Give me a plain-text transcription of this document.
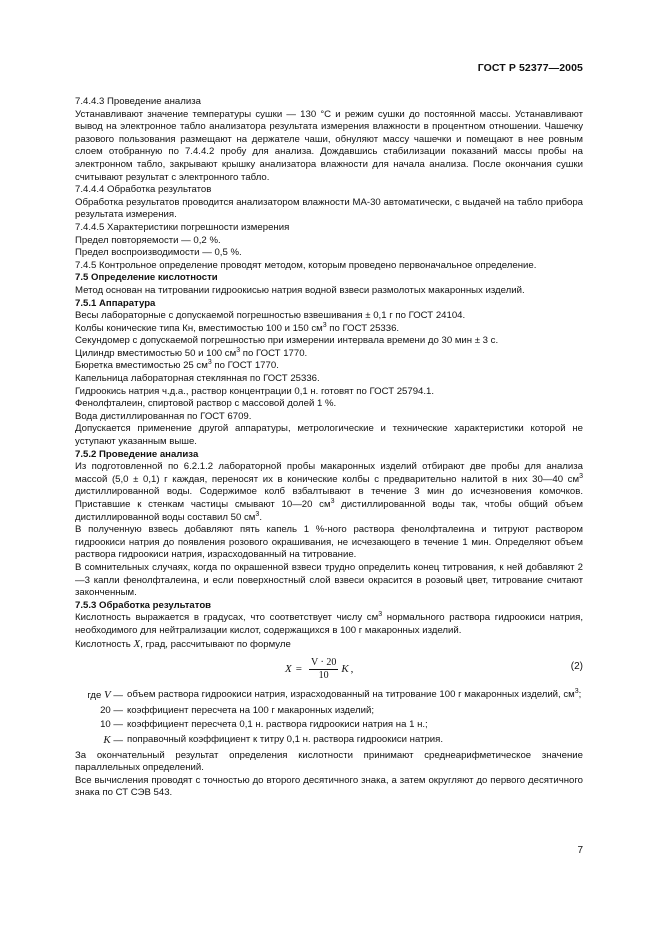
ГОСТ Р 52377—2005

7.4.4.3 Проведение анализа

Устанавливают значение температуры сушки — 130 °С и режим сушки до постоянной массы. Устанавливают вывод на электронное табло анализатора результата измерения влажности в процентном отношении. Чашечку разового пользования размещают на держателе чаши, обнуляют массу чашечки и помещают в нее ровным слоем отобранную по 7.4.4.2 пробу для анализа. Дождавшись стабилизации показаний массы пробы на электронном табло, закрывают крышку анализатора влажности для начала анализа. После окончания сушки считывают результат с электронного табло.

7.4.4.4 Обработка результатов

Обработка результатов проводится анализатором влажности МА-30 автоматически, с выдачей на табло прибора результата измерения.

7.4.4.5 Характеристики погрешности измерения

Предел повторяемости — 0,2 %.

Предел воспроизводимости — 0,5 %.

7.4.5 Контрольное определение проводят методом, которым проведено первоначальное определение.

7.5 Определение кислотности

Метод основан на титровании гидроокисью натрия водной взвеси размолотых макаронных изделий.

7.5.1 Аппаратура

Весы лабораторные с допускаемой погрешностью взвешивания ± 0,1 г по ГОСТ 24104.

Колбы конические типа Кн, вместимостью 100 и 150 $см^3$ по ГОСТ 25336.

Секундомер с допускаемой погрешностью при измерении интервала времени до 30 мин ± 3 с.

Цилиндр вместимостью 50 и 100 $см^3$ по ГОСТ 1770.

Бюретка вместимостью 25 $см^3$ по ГОСТ 1770.

Капельница лабораторная стеклянная по ГОСТ 25336.

Гидроокись натрия ч.д.а., раствор концентрации 0,1 н. готовят по ГОСТ 25794.1.

Фенолфталеин, спиртовой раствор с массовой долей 1 %.

Вода дистиллированная по ГОСТ 6709.

Допускается применение другой аппаратуры, метрологические и технические характеристики которой не уступают указанным выше.

7.5.2 Проведение анализа

Из подготовленной по 6.2.1.2 лабораторной пробы макаронных изделий отбирают две пробы для анализа массой (5,0 ± 0,1) г каждая, переносят их в конические колбы с предварительно налитой в них 30—40 $см^3$ дистиллированной воды. Содержимое колб взбалтывают в течение 3 мин до исчезновения комочков. Приставшие к стенкам частицы смывают 10—20 $см^3$ дистиллированной воды так, чтобы общий объем дистиллированной воды составил 50 $см^3$.

В полученную взвесь добавляют пять капель 1 %-ного раствора фенолфталеина и титруют раствором гидроокиси натрия до появления розового окрашивания, не исчезающего в течение 1 мин. Определяют объем раствора гидроокиси натрия, израсходованный на титрование.

В сомнительных случаях, когда по окрашенной взвеси трудно определить конец титрования, к ней добавляют 2—3 капли фенолфталеина, и если поверхностный слой взвеси окрасится в розовый цвет, титрование считают законченным.

7.5.3 Обработка результатов

Кислотность выражается в градусах, что соответствует числу $см^3$ нормального раствора гидроокиси натрия, необходимого для нейтрализации кислот, содержащихся в 100 г макаронных изделий.

Кислотность X, град, рассчитывают по формуле

$X = \frac{V \cdot 20}{10}$ K ,	(2)
где V — объем раствора гидроокиси натрия, израсходованный на титрование 100 г макаронных изделий, $см^3$;
20 — коэффициент пересчета на 100 г макаронных изделий;
10 — коэффициент пересчета 0,1 н. раствора гидроокиси натрия на 1 н.;
K — поправочный коэффициент к титру 0,1 н. раствора гидроокиси натрия.

За окончательный результат определения кислотности принимают среднеарифметическое значение параллельных определений.

Все вычисления проводят с точностью до второго десятичного знака, а затем округляют до первого десятичного знака по СТ СЭВ 543.

7
